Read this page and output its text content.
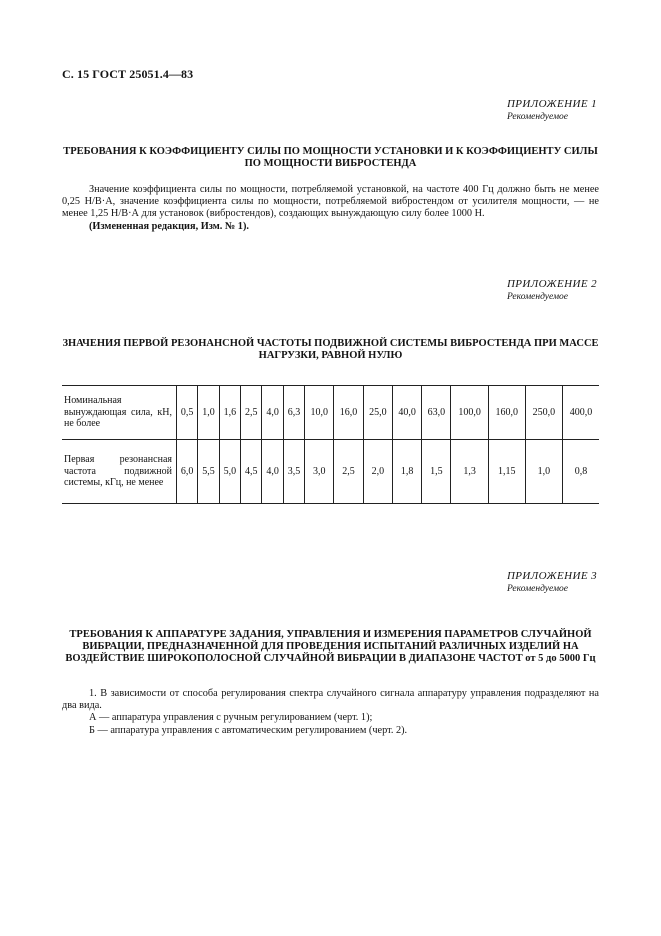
С. 15 ГОСТ 25051.4—83
ПРИЛОЖЕНИЕ 1
Рекомендуемое
ТРЕБОВАНИЯ К КОЭФФИЦИЕНТУ СИЛЫ ПО МОЩНОСТИ УСТАНОВКИ И К КОЭФФИЦИЕНТУ СИЛЫ ПО МОЩНОСТИ ВИБРОСТЕНДА
Значение коэффициента силы по мощности, потребляемой установкой, на частоте 400 Гц должно быть не менее 0,25 Н/В·А, значение коэффициента силы по мощности, потребляемой вибростендом от усилителя мощности, — не менее 1,25 Н/В·А для установок (вибростендов), создающих вынуждающую силу более 1000 Н.
(Измененная редакция, Изм. № 1).
ПРИЛОЖЕНИЕ 2
Рекомендуемое
ЗНАЧЕНИЯ ПЕРВОЙ РЕЗОНАНСНОЙ ЧАСТОТЫ ПОДВИЖНОЙ СИСТЕМЫ ВИБРОСТЕНДА ПРИ МАССЕ НАГРУЗКИ, РАВНОЙ НУЛЮ
Номинальная вынуждающая сила, кН, не более	0,5	1,0	1,6	2,5	4,0	6,3	10,0	16,0	25,0	40,0	63,0	100,0	160,0	250,0	400,0
Первая резонансная частота подвижной системы, кГц, не менее	6,0	5,5	5,0	4,5	4,0	3,5	3,0	2,5	2,0	1,8	1,5	1,3	1,15	1,0	0,8
ПРИЛОЖЕНИЕ 3
Рекомендуемое
ТРЕБОВАНИЯ К АППАРАТУРЕ ЗАДАНИЯ, УПРАВЛЕНИЯ И ИЗМЕРЕНИЯ ПАРАМЕТРОВ СЛУЧАЙНОЙ ВИБРАЦИИ, ПРЕДНАЗНАЧЕННОЙ ДЛЯ ПРОВЕДЕНИЯ ИСПЫТАНИЙ РАЗЛИЧНЫХ ИЗДЕЛИЙ НА ВОЗДЕЙСТВИЕ ШИРОКОПОЛОСНОЙ СЛУЧАЙНОЙ ВИБРАЦИИ В ДИАПАЗОНЕ ЧАСТОТ от 5 до 5000 Гц
1. В зависимости от способа регулирования спектра случайного сигнала аппаратуру управления подразделяют на два вида.
А — аппаратура управления с ручным регулированием (черт. 1);
Б — аппаратура управления с автоматическим регулированием (черт. 2).
